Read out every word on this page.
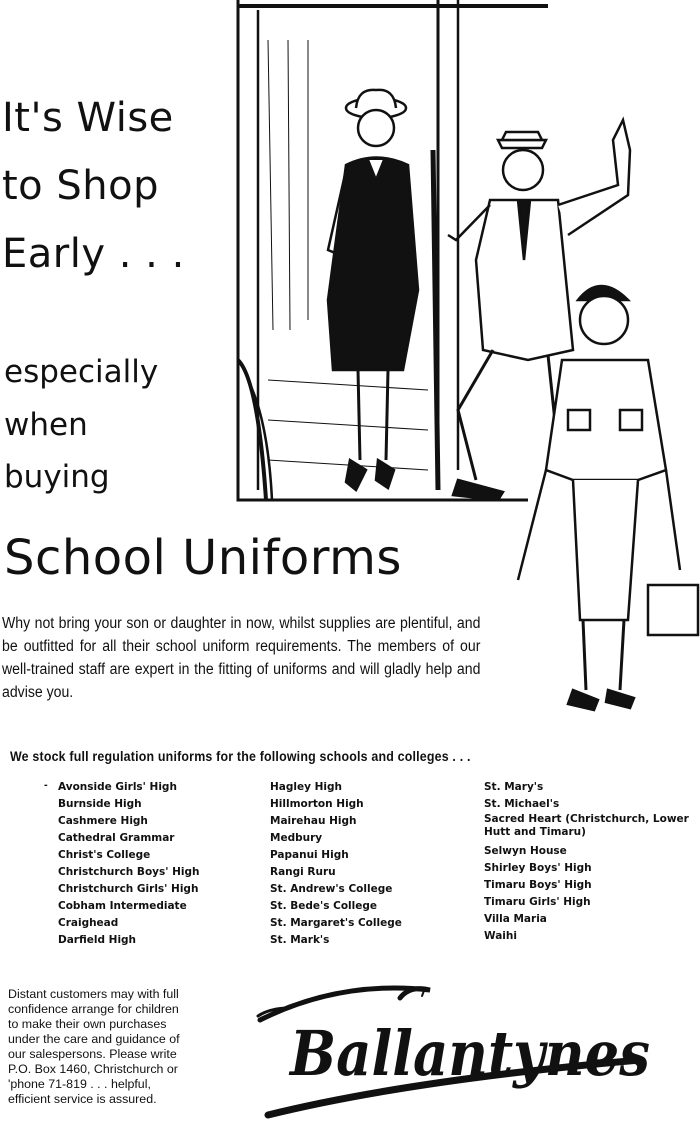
It's Wise
to Shop
Early . . .

especially

when

buying

School Uniforms

Why not bring your son or daughter in now, whilst supplies are plentiful, and be outfitted for all their school uniform requirements. The members of our well-trained staff are expert in the fitting of uniforms and will gladly help and advise you.

We stock full regulation uniforms for the following schools and colleges . . .

- Avonside Girls' High
Burnside High
Cashmere High
Cathedral Grammar
Christ's College
Christchurch Boys' High
Christchurch Girls' High
Cobham Intermediate
Craighead
Darfield High
Hagley High
Hillmorton High
Mairehau High
Medbury
Papanui High
Rangi Ruru
St. Andrew's College
St. Bede's College
St. Margaret's College
St. Mark's
St. Mary's
St. Michael's
Sacred Heart (Christchurch, Lower Hutt and Timaru)
Selwyn House
Shirley Boys' High
Timaru Boys' High
Timaru Girls' High
Villa Maria
Waihi

Distant customers may with full
confidence arrange for children
to make their own purchases
under the care and guidance of
our salespersons. Please write
P.O. Box 1460, Christchurch or
'phone 71-819 . . . helpful,
efficient service is assured.

Ballantynes
